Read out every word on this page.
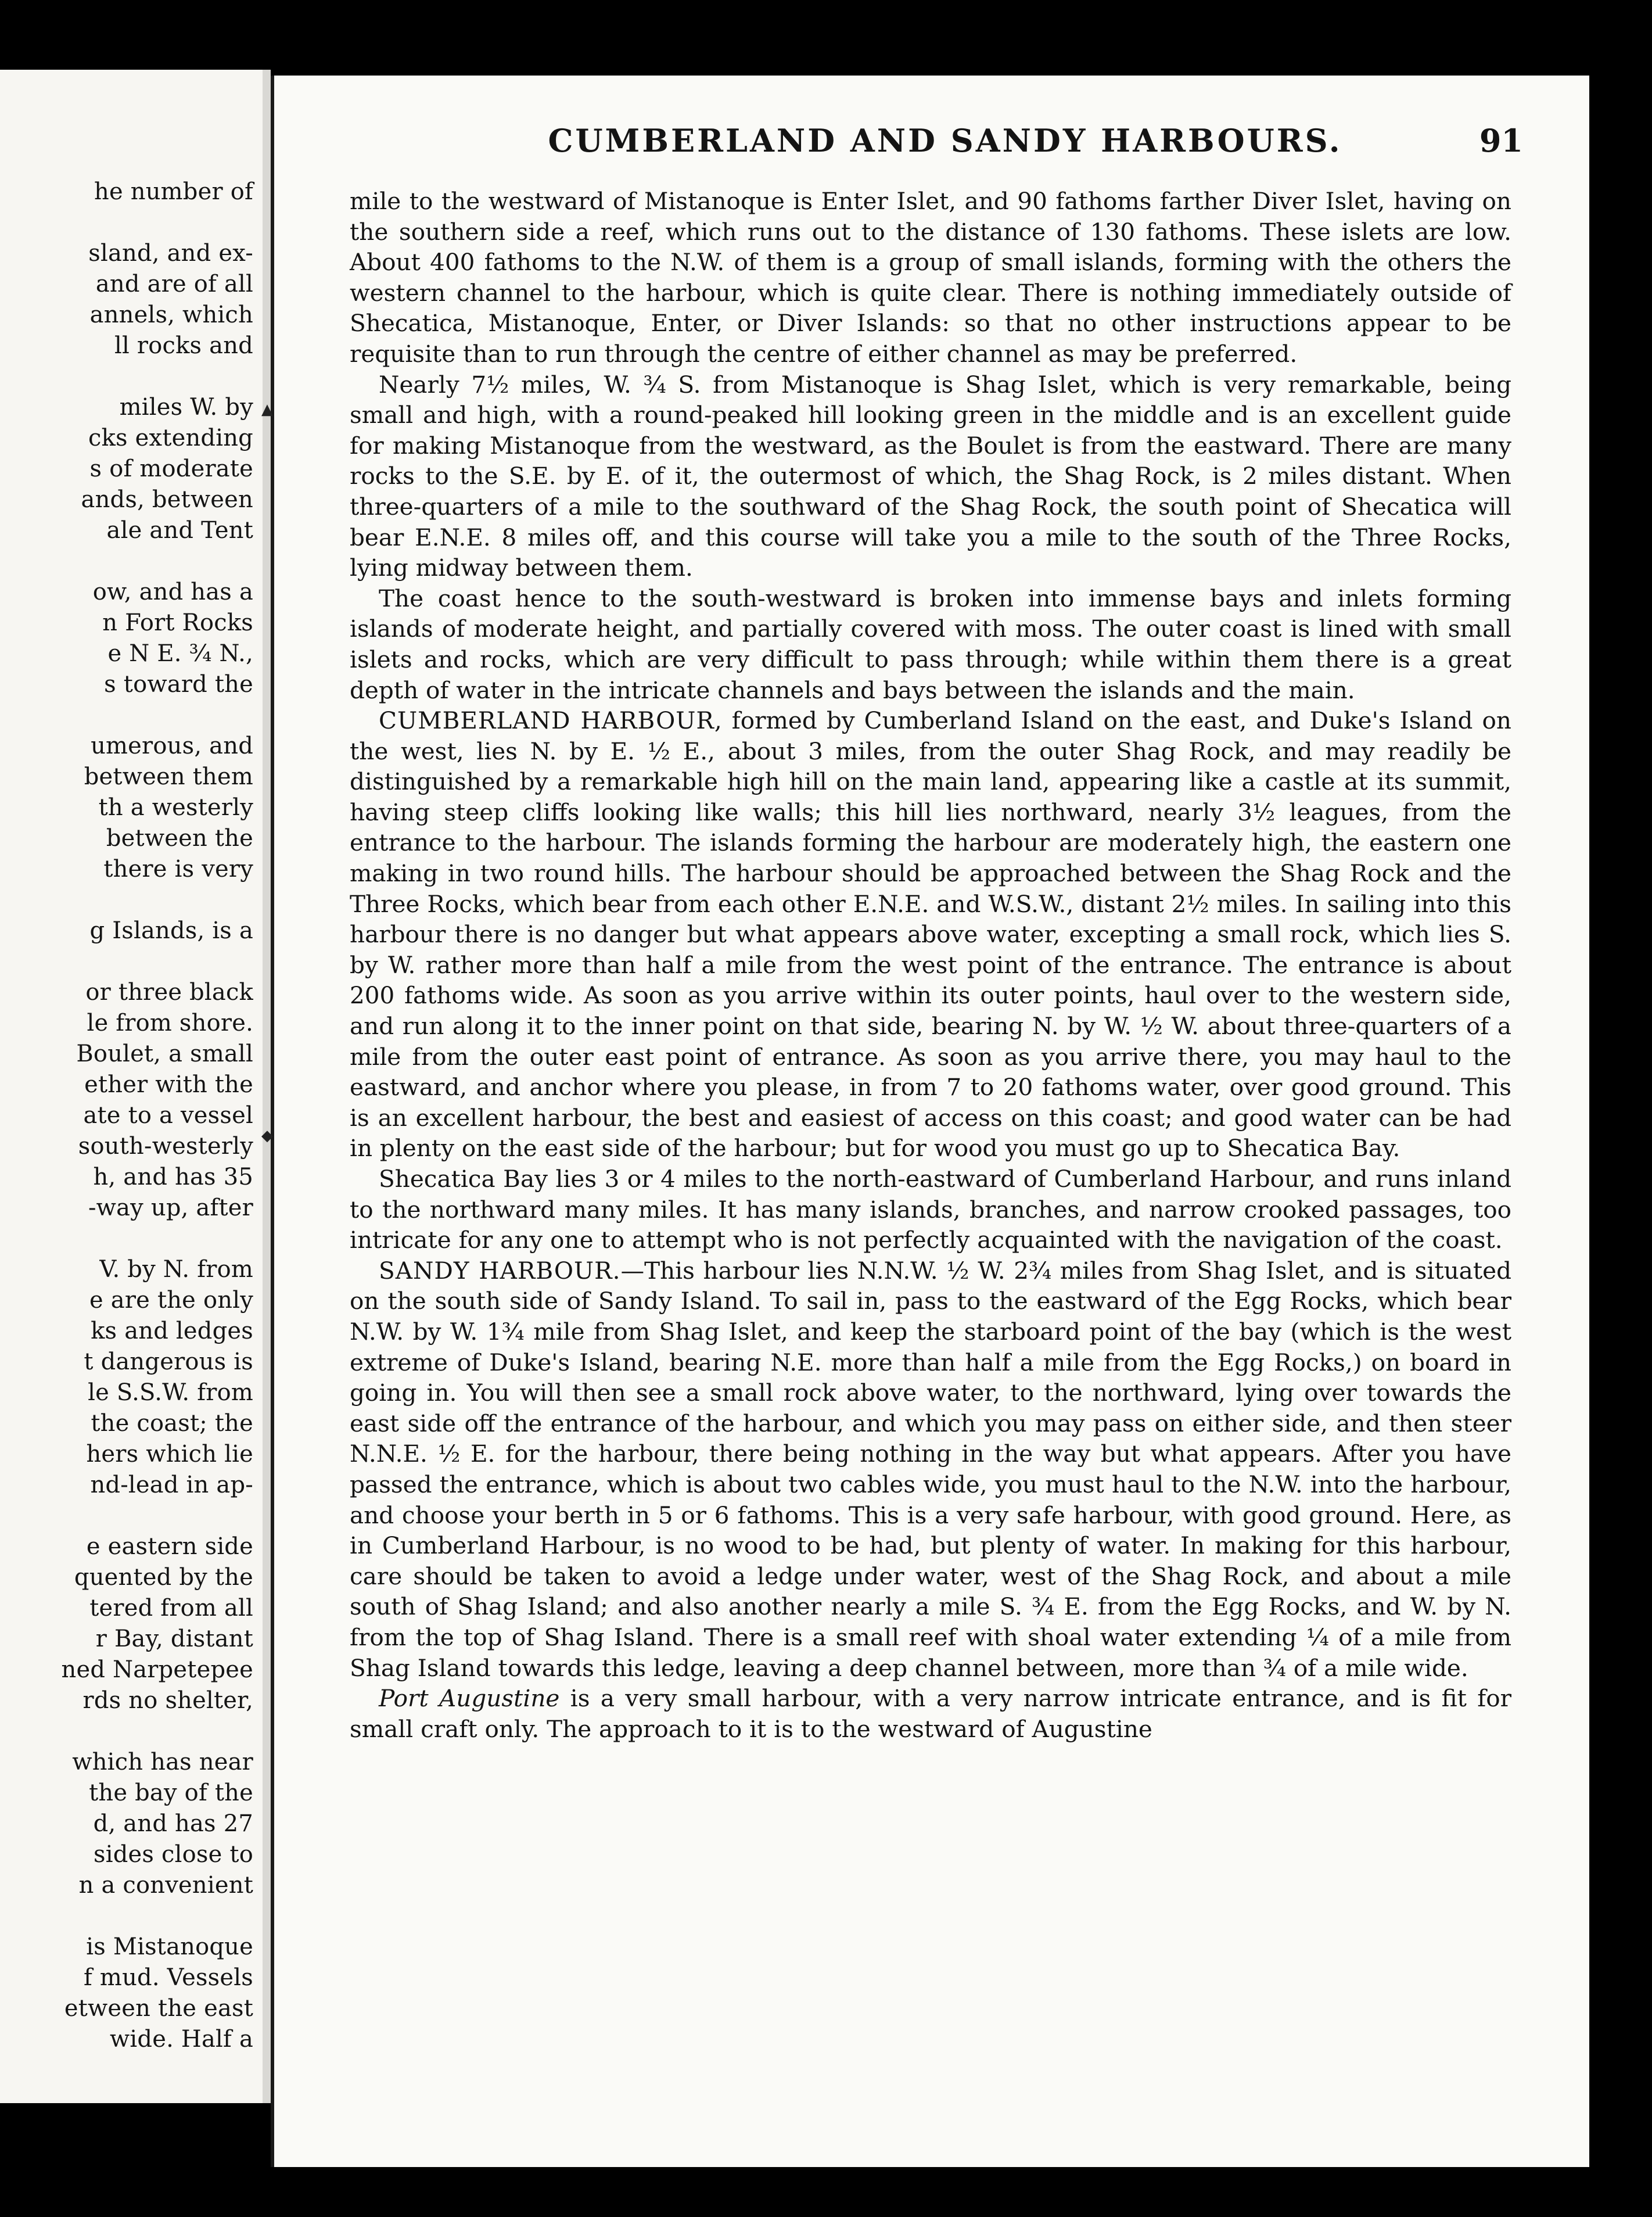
he number of
sland, and ex-
and are of all
annels, which
ll rocks and
miles W. by
cks extending
s of moderate
ands, between
ale and Tent
ow, and has a
n Fort Rocks
e N E. ¾ N.,
s toward the
umerous, and
between them
th a westerly
between the
there is very
g Islands, is a
or three black
le from shore.
Boulet, a small
ether with the
ate to a vessel
south-westerly
h, and has 35
-way up, after
V. by N. from
e are the only
ks and ledges
t dangerous is
le S.S.W. from
the coast; the
hers which lie
nd-lead in ap-
e eastern side
quented by the
tered from all
r Bay, distant
ned Narpetepee
rds no shelter,
which has near
the bay of the
d, and has 27
sides close to
n a convenient
is Mistanoque
f mud. Vessels
etween the east
wide. Half a
CUMBERLAND AND SANDY HARBOURS.	91
▲
◆

mile to the westward of Mistanoque is Enter Islet, and 90 fathoms farther Diver Islet, having on the southern side a reef, which runs out to the distance of 130 fathoms. These islets are low. About 400 fathoms to the N.W. of them is a group of small islands, forming with the others the western channel to the harbour, which is quite clear. There is nothing immediately outside of Shecatica, Mistanoque, Enter, or Diver Islands: so that no other instructions appear to be requisite than to run through the centre of either channel as may be preferred.

Nearly 7½ miles, W. ¾ S. from Mistanoque is Shag Islet, which is very remarkable, being small and high, with a round-peaked hill looking green in the middle and is an excellent guide for making Mistanoque from the westward, as the Boulet is from the eastward. There are many rocks to the S.E. by E. of it, the outermost of which, the Shag Rock, is 2 miles distant. When three-quarters of a mile to the southward of the Shag Rock, the south point of Shecatica will bear E.N.E. 8 miles off, and this course will take you a mile to the south of the Three Rocks, lying midway between them.

The coast hence to the south-westward is broken into immense bays and inlets forming islands of moderate height, and partially covered with moss. The outer coast is lined with small islets and rocks, which are very difficult to pass through; while within them there is a great depth of water in the intricate channels and bays between the islands and the main.

CUMBERLAND HARBOUR, formed by Cumberland Island on the east, and Duke's Island on the west, lies N. by E. ½ E., about 3 miles, from the outer Shag Rock, and may readily be distinguished by a remarkable high hill on the main land, appearing like a castle at its summit, having steep cliffs looking like walls; this hill lies northward, nearly 3½ leagues, from the entrance to the harbour. The islands forming the harbour are moderately high, the eastern one making in two round hills. The harbour should be approached between the Shag Rock and the Three Rocks, which bear from each other E.N.E. and W.S.W., distant 2½ miles. In sailing into this harbour there is no danger but what appears above water, excepting a small rock, which lies S. by W. rather more than half a mile from the west point of the entrance. The entrance is about 200 fathoms wide. As soon as you arrive within its outer points, haul over to the western side, and run along it to the inner point on that side, bearing N. by W. ½ W. about three-quarters of a mile from the outer east point of entrance. As soon as you arrive there, you may haul to the eastward, and anchor where you please, in from 7 to 20 fathoms water, over good ground. This is an excellent harbour, the best and easiest of access on this coast; and good water can be had in plenty on the east side of the harbour; but for wood you must go up to Shecatica Bay.

Shecatica Bay lies 3 or 4 miles to the north-eastward of Cumberland Harbour, and runs inland to the northward many miles. It has many islands, branches, and narrow crooked passages, too intricate for any one to attempt who is not perfectly acquainted with the navigation of the coast.

SANDY HARBOUR.—This harbour lies N.N.W. ½ W. 2¾ miles from Shag Islet, and is situated on the south side of Sandy Island. To sail in, pass to the eastward of the Egg Rocks, which bear N.W. by W. 1¾ mile from Shag Islet, and keep the starboard point of the bay (which is the west extreme of Duke's Island, bearing N.E. more than half a mile from the Egg Rocks,) on board in going in. You will then see a small rock above water, to the northward, lying over towards the east side off the entrance of the harbour, and which you may pass on either side, and then steer N.N.E. ½ E. for the harbour, there being nothing in the way but what appears. After you have passed the entrance, which is about two cables wide, you must haul to the N.W. into the harbour, and choose your berth in 5 or 6 fathoms. This is a very safe harbour, with good ground. Here, as in Cumberland Harbour, is no wood to be had, but plenty of water. In making for this harbour, care should be taken to avoid a ledge under water, west of the Shag Rock, and about a mile south of Shag Island; and also another nearly a mile S. ¾ E. from the Egg Rocks, and W. by N. from the top of Shag Island. There is a small reef with shoal water extending ¼ of a mile from Shag Island towards this ledge, leaving a deep channel between, more than ¾ of a mile wide.

Port Augustine is a very small harbour, with a very narrow intricate entrance, and is fit for small craft only. The approach to it is to the westward of Augustine
